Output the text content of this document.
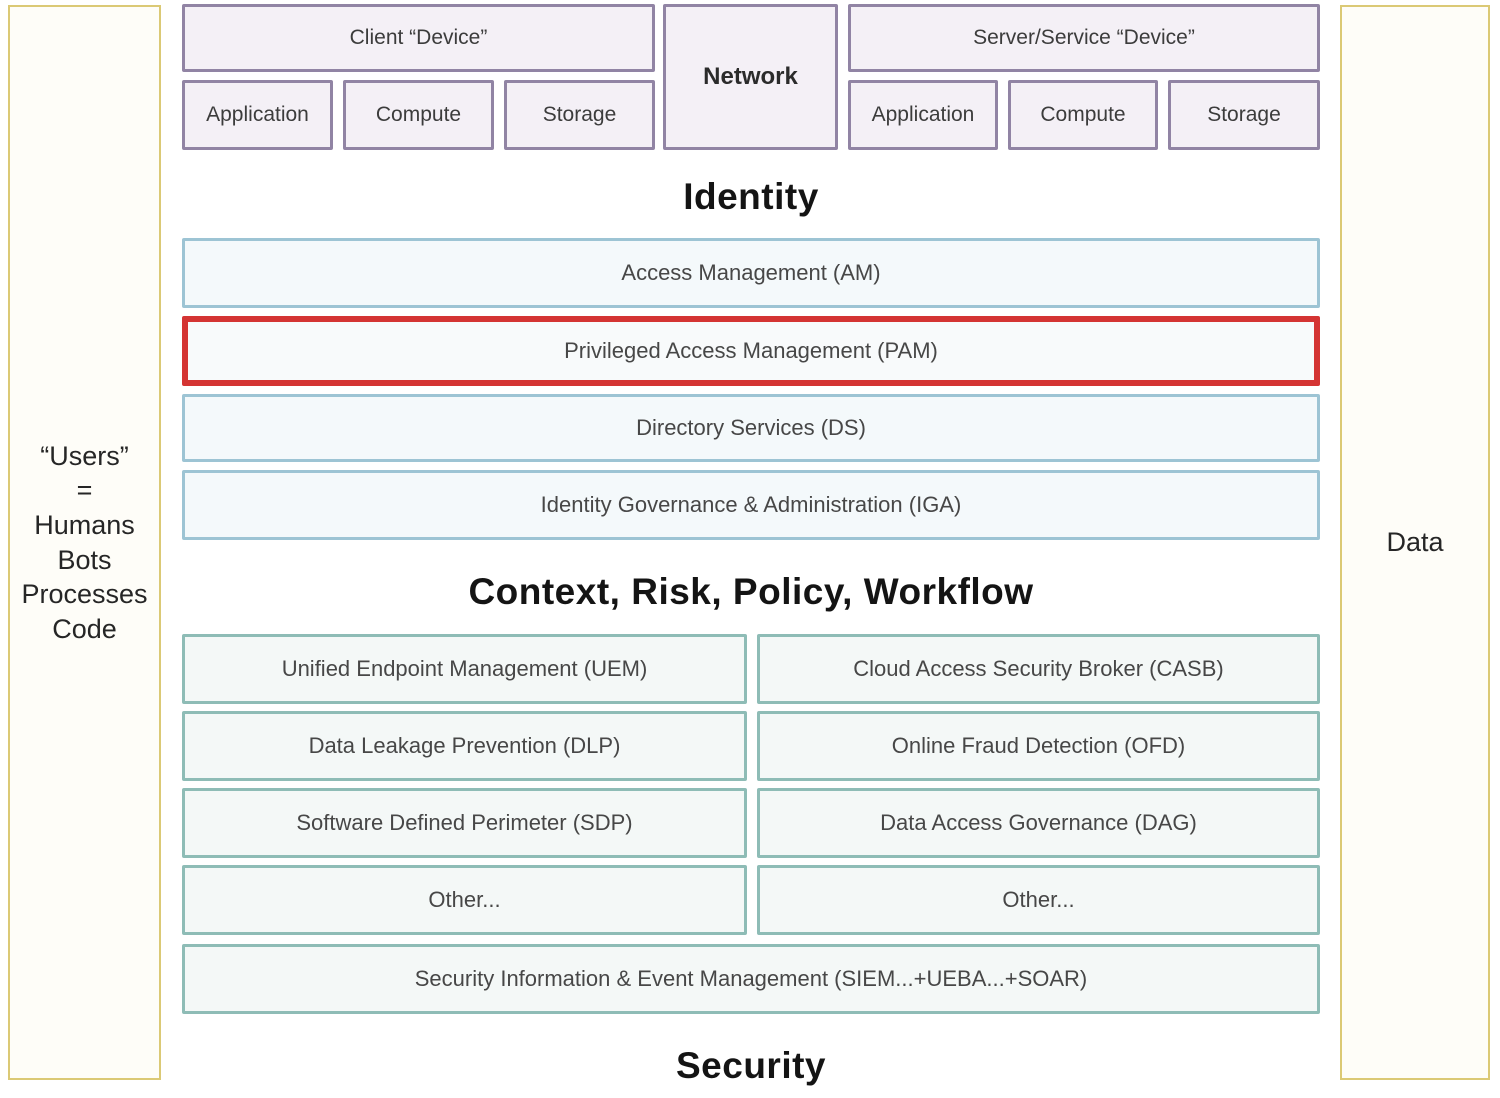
“Users”
=
Humans
Bots
Processes
Code
Data
Client “Device”
Application	Compute	Storage
Network
Server/Service “Device”
Application	Compute	Storage
Identity
Access Management (AM)
Privileged Access Management (PAM)
Directory Services (DS)
Identity Governance & Administration (IGA)
Context, Risk, Policy, Workflow
Unified Endpoint Management (UEM)	Cloud Access Security Broker (CASB)
Data Leakage Prevention (DLP)	Online Fraud Detection (OFD)
Software Defined Perimeter (SDP)	Data Access Governance (DAG)
Other...	Other...
Security Information & Event Management (SIEM...+UEBA...+SOAR)
Security
